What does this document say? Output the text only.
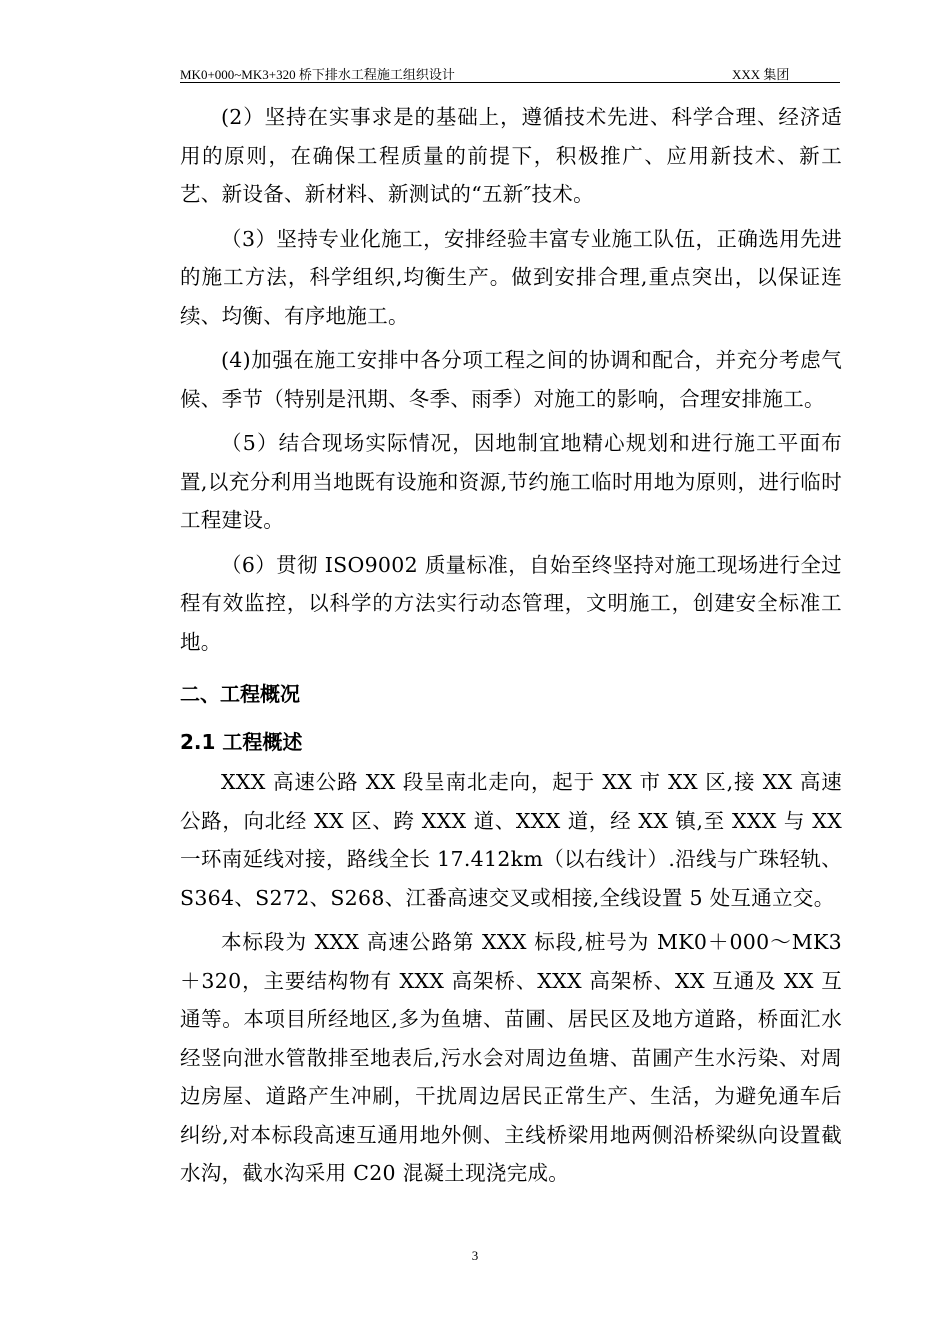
MK0+000~MK3+320 桥下排水工程施工组织设计	XXX 集团

(2）坚持在实事求是的基础上，遵循技术先进、科学合理、经济适用的原则，在确保工程质量的前提下，积极推广、应用新技术、新工艺、新设备、新材料、新测试的“五新″技术。

（3）坚持专业化施工，安排经验丰富专业施工队伍，正确选用先进的施工方法，科学组织,均衡生产。做到安排合理,重点突出，以保证连续、均衡、有序地施工。

(4)加强在施工安排中各分项工程之间的协调和配合，并充分考虑气候、季节（特别是汛期、冬季、雨季）对施工的影响，合理安排施工。

（5）结合现场实际情况，因地制宜地精心规划和进行施工平面布置,以充分利用当地既有设施和资源,节约施工临时用地为原则，进行临时工程建设。

（6）贯彻 ISO9002 质量标准，自始至终坚持对施工现场进行全过程有效监控，以科学的方法实行动态管理，文明施工，创建安全标准工地。

二、工程概况
2.1 工程概述

XXX 高速公路 XX 段呈南北走向，起于 XX 市 XX 区,接 XX 高速公路，向北经 XX 区、跨 XXX 道、XXX 道，经 XX 镇,至 XXX 与 XX 一环南延线对接，路线全长 17.412km（以右线计）.沿线与广珠轻轨、S364、S272、S268、江番高速交叉或相接,全线设置 5 处互通立交。

本标段为 XXX 高速公路第 XXX 标段,桩号为 MK0＋000～MK3＋320，主要结构物有 XXX 高架桥、XXX 高架桥、XX 互通及 XX 互通等。本项目所经地区,多为鱼塘、苗圃、居民区及地方道路，桥面汇水经竖向泄水管散排至地表后,污水会对周边鱼塘、苗圃产生水污染、对周边房屋、道路产生冲刷，干扰周边居民正常生产、生活，为避免通车后纠纷,对本标段高速互通用地外侧、主线桥梁用地两侧沿桥梁纵向设置截水沟，截水沟采用 C20 混凝土现浇完成。

3
